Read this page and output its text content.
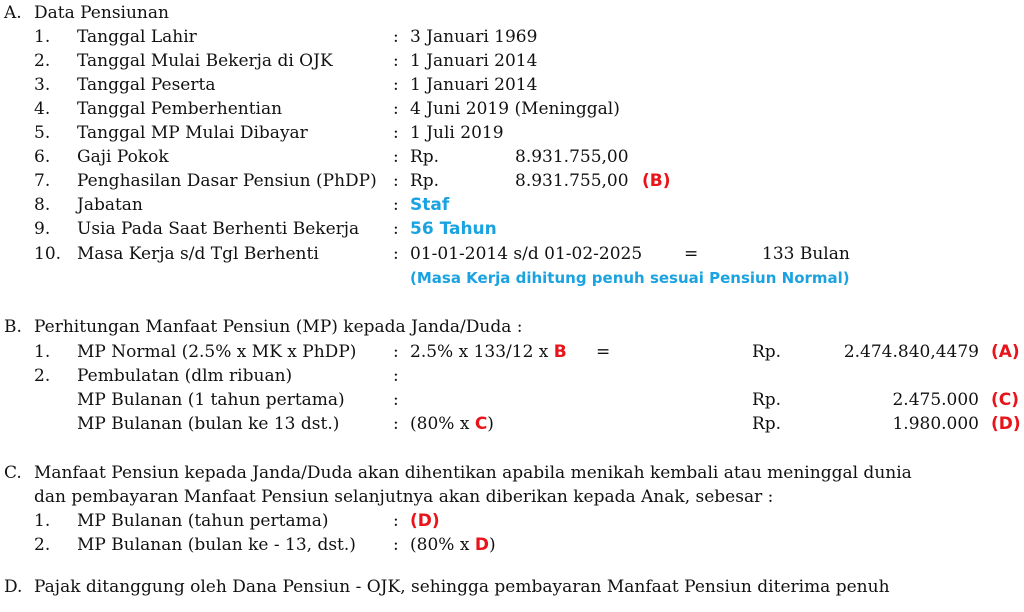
A. Data Pensiunan
1. Tanggal Lahir	: 3 Januari 1969
2. Tanggal Mulai Bekerja di OJK	: 1 Januari 2014
3. Tanggal Peserta	: 1 Januari 2014
4. Tanggal Pemberhentian	: 4 Juni 2019 (Meninggal)
5. Tanggal MP Mulai Dibayar	: 1 Juli 2019
6. Gaji Pokok	: Rp.	8.931.755,00
7. Penghasilan Dasar Pensiun (PhDP) : Rp.	8.931.755,00 (B)
8. Jabatan	: Staf
9. Usia Pada Saat Berhenti Bekerja : 56 Tahun
10. Masa Kerja s/d Tgl Berhenti	: 01-01-2014 s/d 01-02-2025 =	133 Bulan
(Masa Kerja dihitung penuh sesuai Pensiun Normal)
B. Perhitungan Manfaat Pensiun (MP) kepada Janda/Duda :
1. MP Normal (2.5% x MK x PhDP) : 2.5% x 133/12 x B =	Rp.	2.474.840,4479 (A)
2. Pembulatan (dlm ribuan)	:
MP Bulanan (1 tahun pertama)	:	Rp.	2.475.000 (C)
MP Bulanan (bulan ke 13 dst.)	: (80% x C)	Rp.	1.980.000 (D)
C. Manfaat Pensiun kepada Janda/Duda akan dihentikan apabila menikah kembali atau meninggal dunia
dan pembayaran Manfaat Pensiun selanjutnya akan diberikan kepada Anak, sebesar :
1. MP Bulanan (tahun pertama)	: (D)
2. MP Bulanan (bulan ke - 13, dst.) : (80% x D)
D. Pajak ditanggung oleh Dana Pensiun - OJK, sehingga pembayaran Manfaat Pensiun diterima penuh
